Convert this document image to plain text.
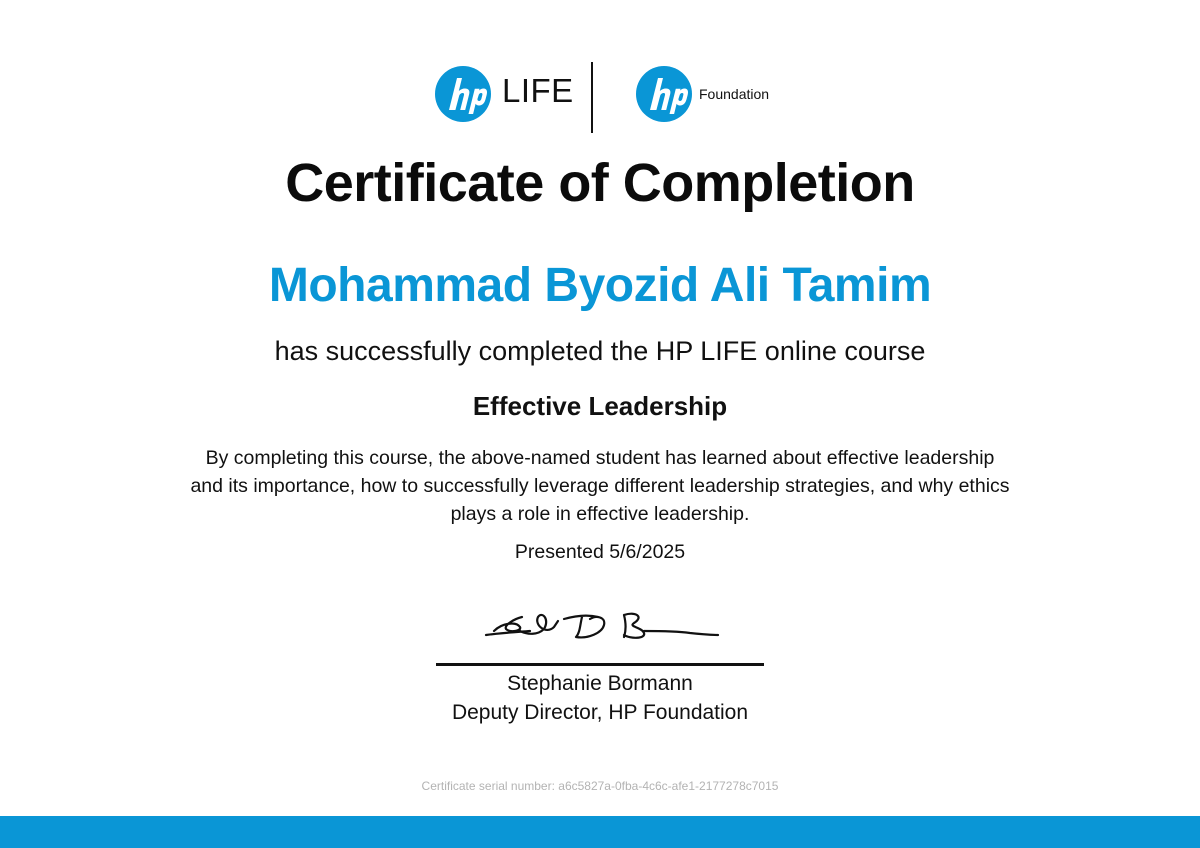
LIFE	Foundation
Certificate of Completion
Mohammad Byozid Ali Tamim
has successfully completed the HP LIFE online course
Effective Leadership
By completing this course, the above-named student has learned about effective leadership and its importance, how to successfully leverage different leadership strategies, and why ethics plays a role in effective leadership.
Presented 5/6/2025
Stephanie Bormann
Deputy Director, HP Foundation
Certificate serial number: a6c5827a-0fba-4c6c-afe1-2177278c7015
